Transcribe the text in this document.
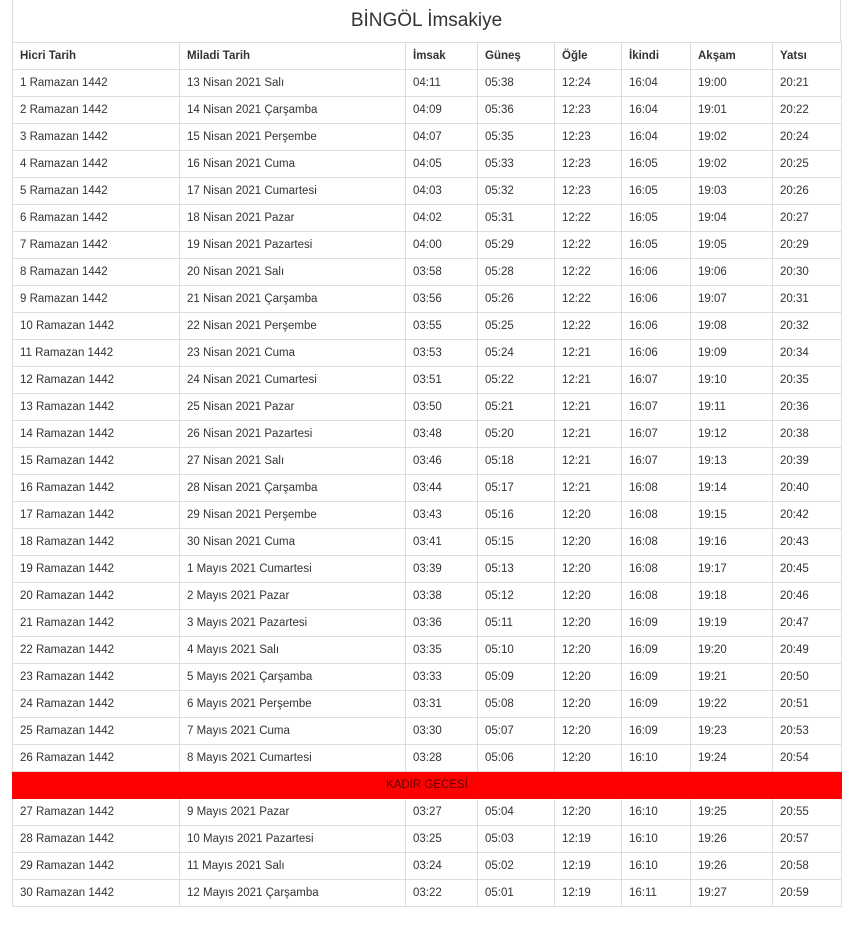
BİNGÖL İmsakiye
Hicri Tarih	Miladi Tarih	İmsak	Güneş	Öğle	İkindi	Akşam	Yatsı
1 Ramazan 1442	13 Nisan 2021 Salı	04:11	05:38	12:24	16:04	19:00	20:21
2 Ramazan 1442	14 Nisan 2021 Çarşamba	04:09	05:36	12:23	16:04	19:01	20:22
3 Ramazan 1442	15 Nisan 2021 Perşembe	04:07	05:35	12:23	16:04	19:02	20:24
4 Ramazan 1442	16 Nisan 2021 Cuma	04:05	05:33	12:23	16:05	19:02	20:25
5 Ramazan 1442	17 Nisan 2021 Cumartesi	04:03	05:32	12:23	16:05	19:03	20:26
6 Ramazan 1442	18 Nisan 2021 Pazar	04:02	05:31	12:22	16:05	19:04	20:27
7 Ramazan 1442	19 Nisan 2021 Pazartesi	04:00	05:29	12:22	16:05	19:05	20:29
8 Ramazan 1442	20 Nisan 2021 Salı	03:58	05:28	12:22	16:06	19:06	20:30
9 Ramazan 1442	21 Nisan 2021 Çarşamba	03:56	05:26	12:22	16:06	19:07	20:31
10 Ramazan 1442	22 Nisan 2021 Perşembe	03:55	05:25	12:22	16:06	19:08	20:32
11 Ramazan 1442	23 Nisan 2021 Cuma	03:53	05:24	12:21	16:06	19:09	20:34
12 Ramazan 1442	24 Nisan 2021 Cumartesi	03:51	05:22	12:21	16:07	19:10	20:35
13 Ramazan 1442	25 Nisan 2021 Pazar	03:50	05:21	12:21	16:07	19:11	20:36
14 Ramazan 1442	26 Nisan 2021 Pazartesi	03:48	05:20	12:21	16:07	19:12	20:38
15 Ramazan 1442	27 Nisan 2021 Salı	03:46	05:18	12:21	16:07	19:13	20:39
16 Ramazan 1442	28 Nisan 2021 Çarşamba	03:44	05:17	12:21	16:08	19:14	20:40
17 Ramazan 1442	29 Nisan 2021 Perşembe	03:43	05:16	12:20	16:08	19:15	20:42
18 Ramazan 1442	30 Nisan 2021 Cuma	03:41	05:15	12:20	16:08	19:16	20:43
19 Ramazan 1442	1 Mayıs 2021 Cumartesi	03:39	05:13	12:20	16:08	19:17	20:45
20 Ramazan 1442	2 Mayıs 2021 Pazar	03:38	05:12	12:20	16:08	19:18	20:46
21 Ramazan 1442	3 Mayıs 2021 Pazartesi	03:36	05:11	12:20	16:09	19:19	20:47
22 Ramazan 1442	4 Mayıs 2021 Salı	03:35	05:10	12:20	16:09	19:20	20:49
23 Ramazan 1442	5 Mayıs 2021 Çarşamba	03:33	05:09	12:20	16:09	19:21	20:50
24 Ramazan 1442	6 Mayıs 2021 Perşembe	03:31	05:08	12:20	16:09	19:22	20:51
25 Ramazan 1442	7 Mayıs 2021 Cuma	03:30	05:07	12:20	16:09	19:23	20:53
26 Ramazan 1442	8 Mayıs 2021 Cumartesi	03:28	05:06	12:20	16:10	19:24	20:54
KADİR GECESİ							
27 Ramazan 1442	9 Mayıs 2021 Pazar	03:27	05:04	12:20	16:10	19:25	20:55
28 Ramazan 1442	10 Mayıs 2021 Pazartesi	03:25	05:03	12:19	16:10	19:26	20:57
29 Ramazan 1442	11 Mayıs 2021 Salı	03:24	05:02	12:19	16:10	19:26	20:58
30 Ramazan 1442	12 Mayıs 2021 Çarşamba	03:22	05:01	12:19	16:11	19:27	20:59
